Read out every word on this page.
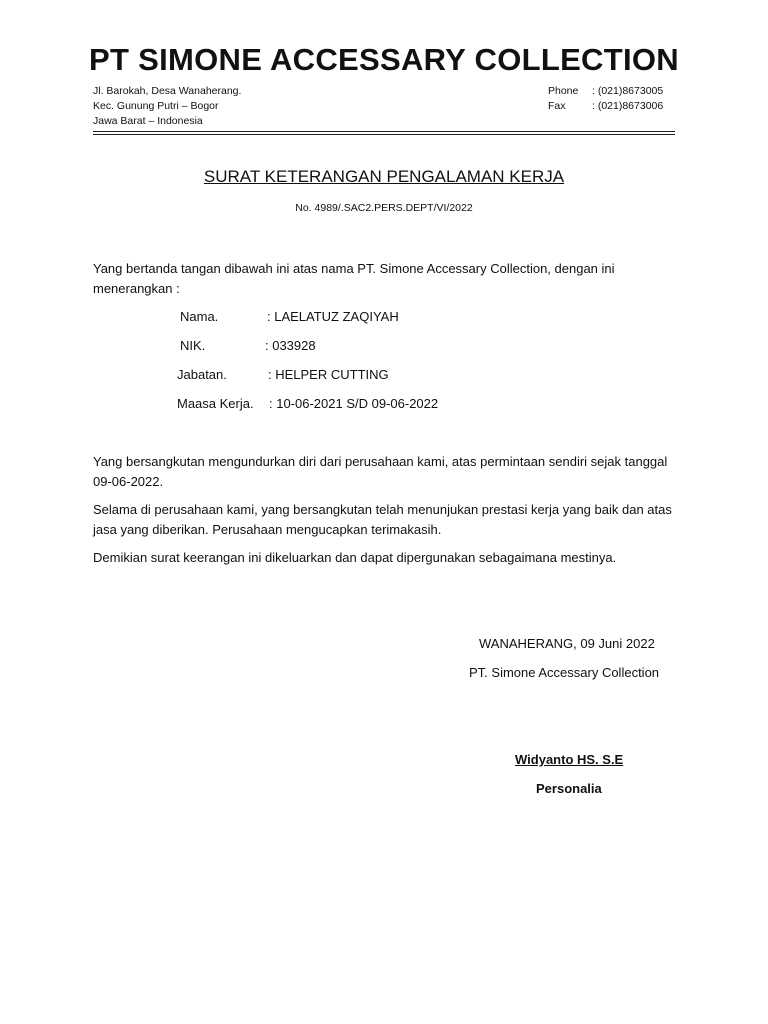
PT SIMONE ACCESSARY COLLECTION
Jl. Barokah, Desa Wanaherang.
Kec. Gunung Putri – Bogor
Jawa Barat – Indonesia
Phone	: (021)8673005
Fax	: (021)8673006
SURAT KETERANGAN PENGALAMAN KERJA
No. 4989/.SAC2.PERS.DEPT/VI/2022
Yang bertanda tangan dibawah ini atas nama PT. Simone Accessary Collection, dengan ini menerangkan :
Nama.	: LAELATUZ ZAQIYAH
NIK.	: 033928
Jabatan.	: HELPER CUTTING
Maasa Kerja. : 10-06-2021 S/D 09-06-2022
Yang bersangkutan mengundurkan diri dari perusahaan kami, atas permintaan sendiri sejak tanggal 09-06-2022.
Selama di perusahaan kami, yang bersangkutan telah menunjukan prestasi kerja yang baik dan atas jasa yang diberikan. Perusahaan mengucapkan terimakasih.
Demikian surat keerangan ini dikeluarkan dan dapat dipergunakan sebagaimana mestinya.
WANAHERANG, 09 Juni 2022
PT. Simone Accessary Collection
Widyanto HS. S.E
Personalia
